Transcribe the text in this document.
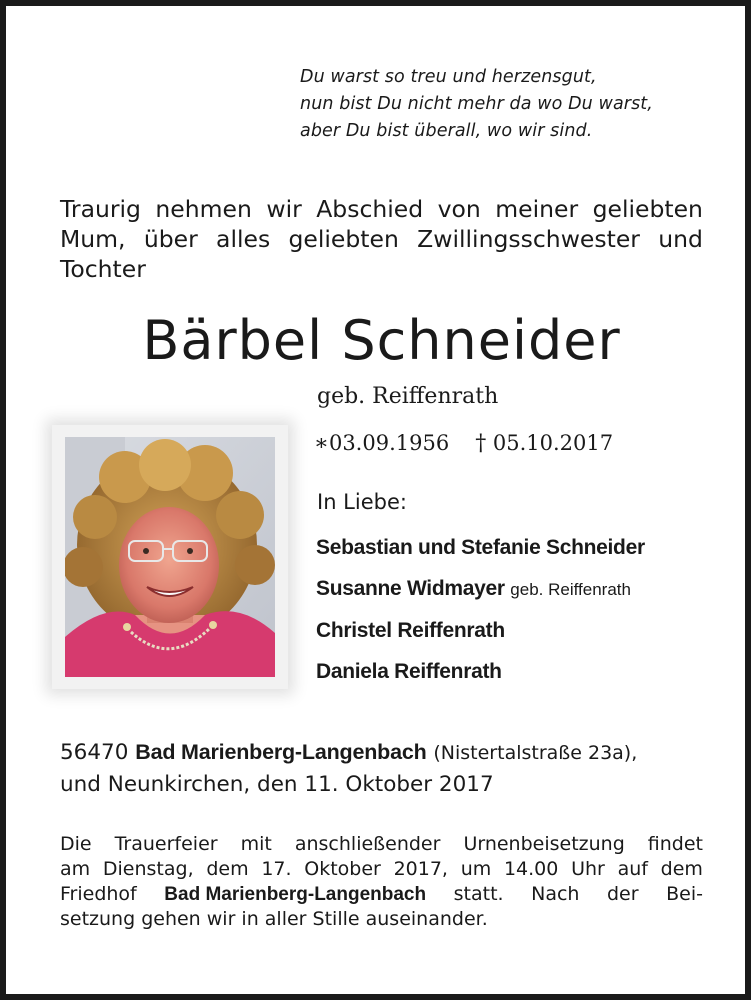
Du warst so treu und herzensgut,
nun bist Du nicht mehr da wo Du warst,
aber Du bist überall, wo wir sind.
Traurig nehmen wir Abschied von meiner geliebten
Mum, über alles geliebten Zwillingsschwester und
Tochter
Bärbel Schneider
geb. Reiffenrath
∗03.09.1956 † 05.10.2017
In Liebe:
Sebastian und Stefanie Schneider
Susanne Widmayer geb. Reiffenrath
Christel Reiffenrath
Daniela Reiffenrath
56470 Bad Marienberg-Langenbach (Nistertalstraße 23a),
und Neunkirchen, den 11. Oktober 2017
Die Trauerfeier mit anschließender Urnenbeisetzung findet
am Dienstag, dem 17. Oktober 2017, um 14.00 Uhr auf dem
Friedhof Bad Marienberg-Langenbach statt. Nach der Bei-
setzung gehen wir in aller Stille auseinander.
